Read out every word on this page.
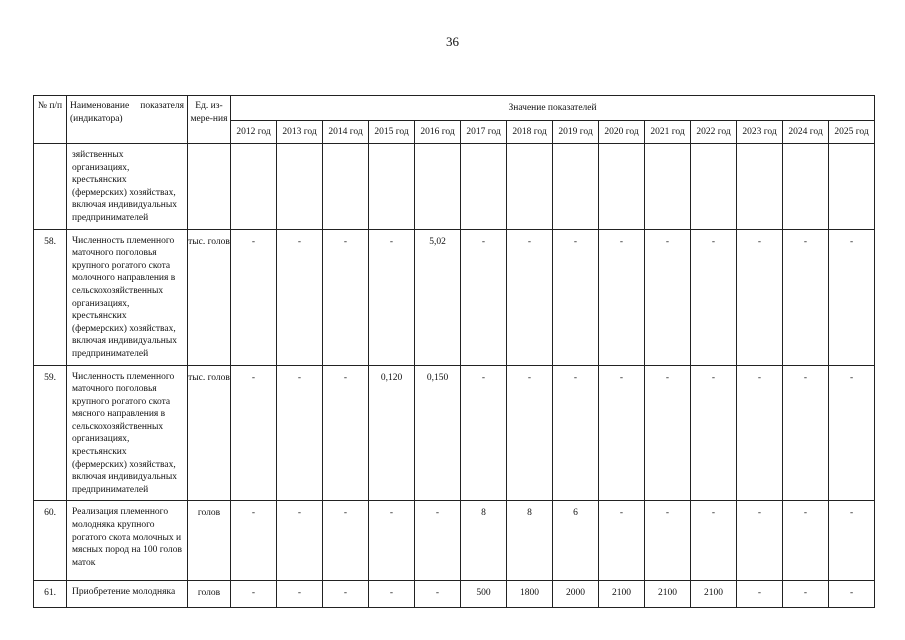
36
№ п/п	Наименование показателя (индикатора)	Ед. из-мере-ния	Значение показателей													
			2012 год	2013 год	2014 год	2015 год	2016 год	2017 год	2018 год	2019 год	2020 год	2021 год	2022 год	2023 год	2024 год	2025 год
	зяйственных организациях, крестьянских (фермерских) хозяйствах, включая индивидуальных предпринимателей															
58.	Численность племенного маточного поголовья крупного рогатого скота молочного направления в сельскохозяйственных организациях, крестьянских (фермерских) хозяйствах, включая индивидуальных предпринимателей	тыс. голов	-	-	-	-	5,02	-	-	-	-	-	-	-	-	-
59.	Численность племенного маточного поголовья крупного рогатого скота мясного направления в сельскохозяйственных организациях, крестьянских (фермерских) хозяйствах, включая индивидуальных предпринимателей	тыс. голов	-	-	-	0,120	0,150	-	-	-	-	-	-	-	-	-
60.	Реализация племенного молодняка крупного рогатого скота молочных и мясных пород на 100 голов маток	голов	-	-	-	-	-	8	8	6	-	-	-	-	-	-
61.	Приобретение молодняка	голов	-	-	-	-	-	500	1800	2000	2100	2100	2100	-	-	-
